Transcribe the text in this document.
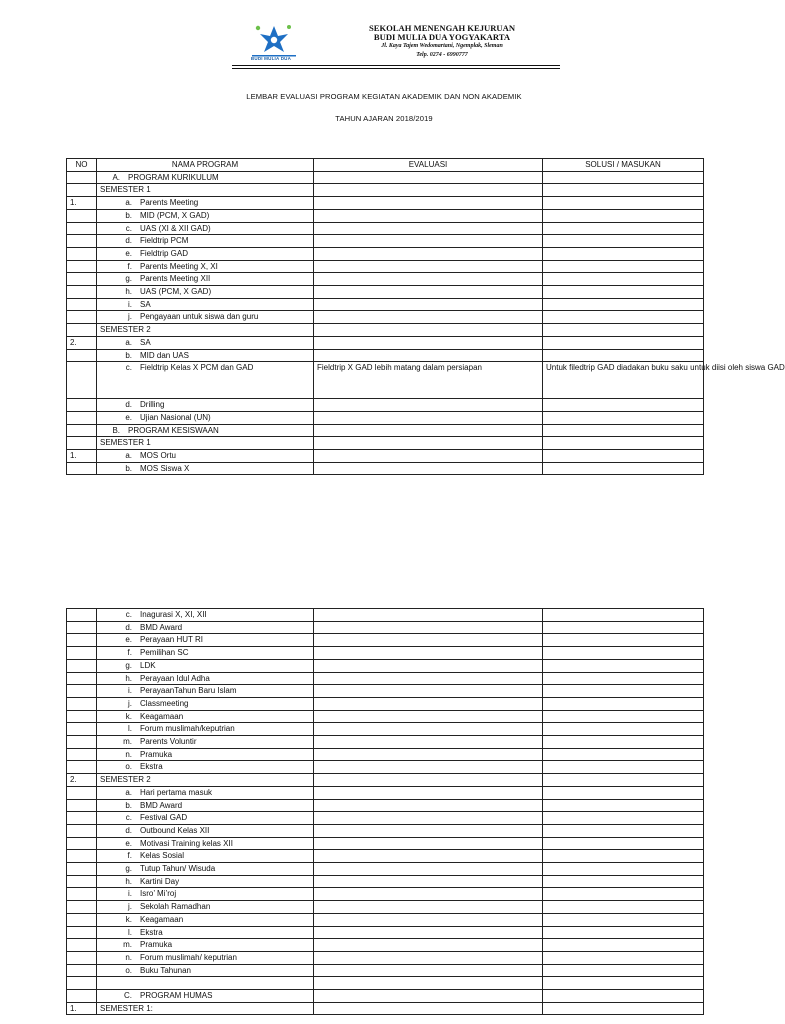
BUDI MULIA DUA
SEKOLAH MENENGAH KEJURUAN
BUDI MULIA DUA YOGYAKARTA
Jl. Kaya Tajem Wedomartani, Ngemplak, Sleman
Telp. 0274 - 6990777
LEMBAR EVALUASI PROGRAM KEGIATAN AKADEMIK DAN NON AKADEMIK
TAHUN AJARAN 2018/2019
NO	NAMA PROGRAM	EVALUASI	SOLUSI / MASUKAN
	A. PROGRAM KURIKULUM		
	SEMESTER 1		
1.	a. Parents Meeting		
	b. MID (PCM, X GAD)		
	c. UAS (XI & XII GAD)		
	d. Fieldtrip PCM		
	e. Fieldtrip GAD		
	f. Parents Meeting X, XI		
	g. Parents Meeting XII		
	h. UAS (PCM, X GAD)		
	i. SA		
	j. Pengayaan untuk siswa dan guru		
	SEMESTER 2		
2.	a. SA		
	b. MID dan UAS		
	c. Fieldtrip Kelas X PCM dan GAD	Fieldtrip X GAD lebih matang dalam persiapan	Untuk filedtrip GAD diadakan buku saku untuk diisi oleh siswa GAD
	d. Drilling		
	e. Ujian Nasional (UN)		
	B. PROGRAM KESISWAAN		
	SEMESTER 1		
1.	a. MOS Ortu		
	b. MOS Siswa X		
	c. Inagurasi X, XI, XII		
	d. BMD Award		
	e. Perayaan HUT RI		
	f. Pemilihan SC		
	g. LDK		
	h. Perayaan Idul Adha		
	i. PerayaanTahun Baru Islam		
	j. Classmeeting		
	k. Keagamaan		
	l. Forum muslimah/keputrian		
	m. Parents Voluntir		
	n. Pramuka		
	o. Ekstra		
2.	SEMESTER 2		
	a. Hari pertama masuk		
	b. BMD Award		
	c. Festival GAD		
	d. Outbound Kelas XII		
	e. Motivasi Training kelas XII		
	f. Kelas Sosial		
	g. Tutup Tahun/ Wisuda		
	h. Kartini Day		
	i. Isro’ Mi’roj		
	j. Sekolah Ramadhan		
	k. Keagamaan		
	l. Ekstra		
	m. Pramuka		
	n. Forum muslimah/ keputrian		
	o. Buku Tahunan		

	C. PROGRAM HUMAS		
1.	SEMESTER 1:		
